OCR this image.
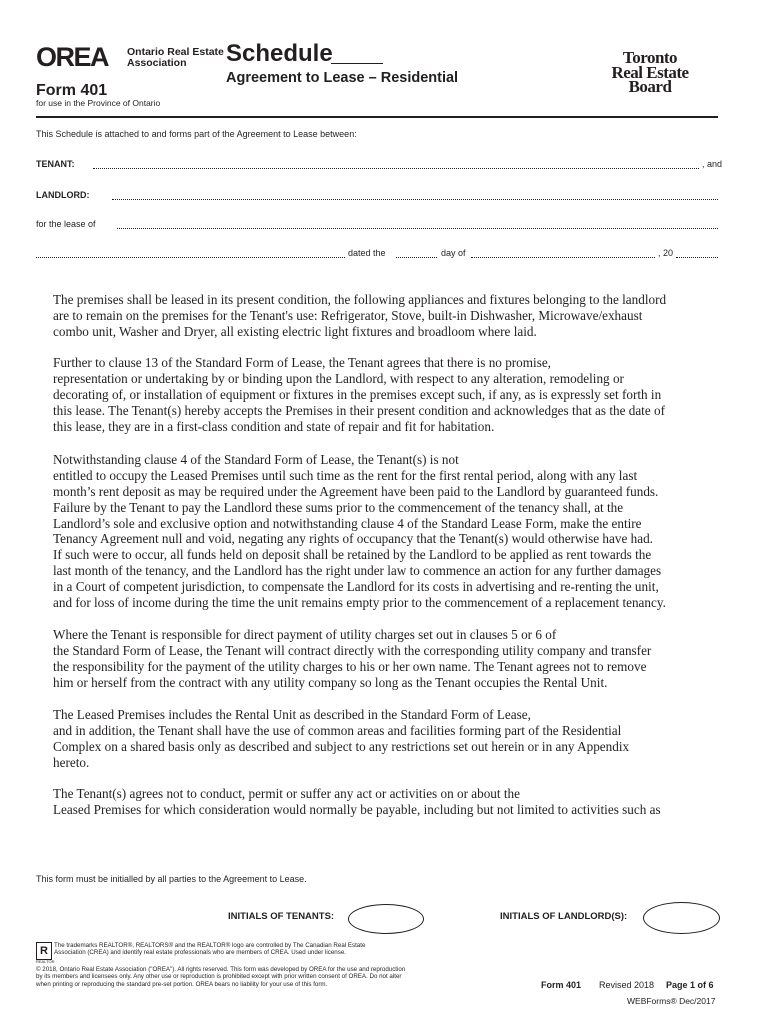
OREA Ontario Real Estate
Association
Form 401
for use in the Province of Ontario
Schedule
Agreement to Lease – Residential
Toronto
Real Estate
Board
This Schedule is attached to and forms part of the Agreement to Lease between:
TENANT:	, and
LANDLORD:
for the lease of
dated the	day of	, 20
The premises shall be leased in its present condition, the following appliances and fixtures belonging to the landlord
are to remain on the premises for the Tenant's use: Refrigerator, Stove, built-in Dishwasher, Microwave/exhaust
combo unit, Washer and Dryer, all existing electric light fixtures and broadloom where laid.
Further to clause 13 of the Standard Form of Lease, the Tenant agrees that there is no promise,
representation or undertaking by or binding upon the Landlord, with respect to any alteration, remodeling or
decorating of, or installation of equipment or fixtures in the premises except such, if any, as is expressly set forth in
this lease. The Tenant(s) hereby accepts the Premises in their present condition and acknowledges that as the date of
this lease, they are in a first-class condition and state of repair and fit for habitation.
Notwithstanding clause 4 of the Standard Form of Lease, the Tenant(s) is not
entitled to occupy the Leased Premises until such time as the rent for the first rental period, along with any last
month’s rent deposit as may be required under the Agreement have been paid to the Landlord by guaranteed funds.
Failure by the Tenant to pay the Landlord these sums prior to the commencement of the tenancy shall, at the
Landlord’s sole and exclusive option and notwithstanding clause 4 of the Standard Lease Form, make the entire
Tenancy Agreement null and void, negating any rights of occupancy that the Tenant(s) would otherwise have had.
If such were to occur, all funds held on deposit shall be retained by the Landlord to be applied as rent towards the
last month of the tenancy, and the Landlord has the right under law to commence an action for any further damages
in a Court of competent jurisdiction, to compensate the Landlord for its costs in advertising and re-renting the unit,
and for loss of income during the time the unit remains empty prior to the commencement of a replacement tenancy.
Where the Tenant is responsible for direct payment of utility charges set out in clauses 5 or 6 of
the Standard Form of Lease, the Tenant will contract directly with the corresponding utility company and transfer
the responsibility for the payment of the utility charges to his or her own name. The Tenant agrees not to remove
him or herself from the contract with any utility company so long as the Tenant occupies the Rental Unit.
The Leased Premises includes the Rental Unit as described in the Standard Form of Lease,
and in addition, the Tenant shall have the use of common areas and facilities forming part of the Residential
Complex on a shared basis only as described and subject to any restrictions set out herein or in any Appendix
hereto.
The Tenant(s) agrees not to conduct, permit or suffer any act or activities on or about the
Leased Premises for which consideration would normally be payable, including but not limited to activities such as
This form must be initialled by all parties to the Agreement to Lease.
INITIALS OF TENANTS:	INITIALS OF LANDLORD(S):
R
REALTOR
The trademarks REALTOR®, REALTORS® and the REALTOR® logo are controlled by The Canadian Real Estate
Association (CREA) and identify real estate professionals who are members of CREA. Used under license.
© 2018, Ontario Real Estate Association ("OREA"). All rights reserved. This form was developed by OREA for the use and reproduction
by its members and licensees only. Any other use or reproduction is prohibited except with prior written consent of OREA. Do not alter
when printing or reproducing the standard pre-set portion. OREA bears no liability for your use of this form.	Form 401 Revised 2018 Page 1 of 6
WEBForms® Dec/2017
